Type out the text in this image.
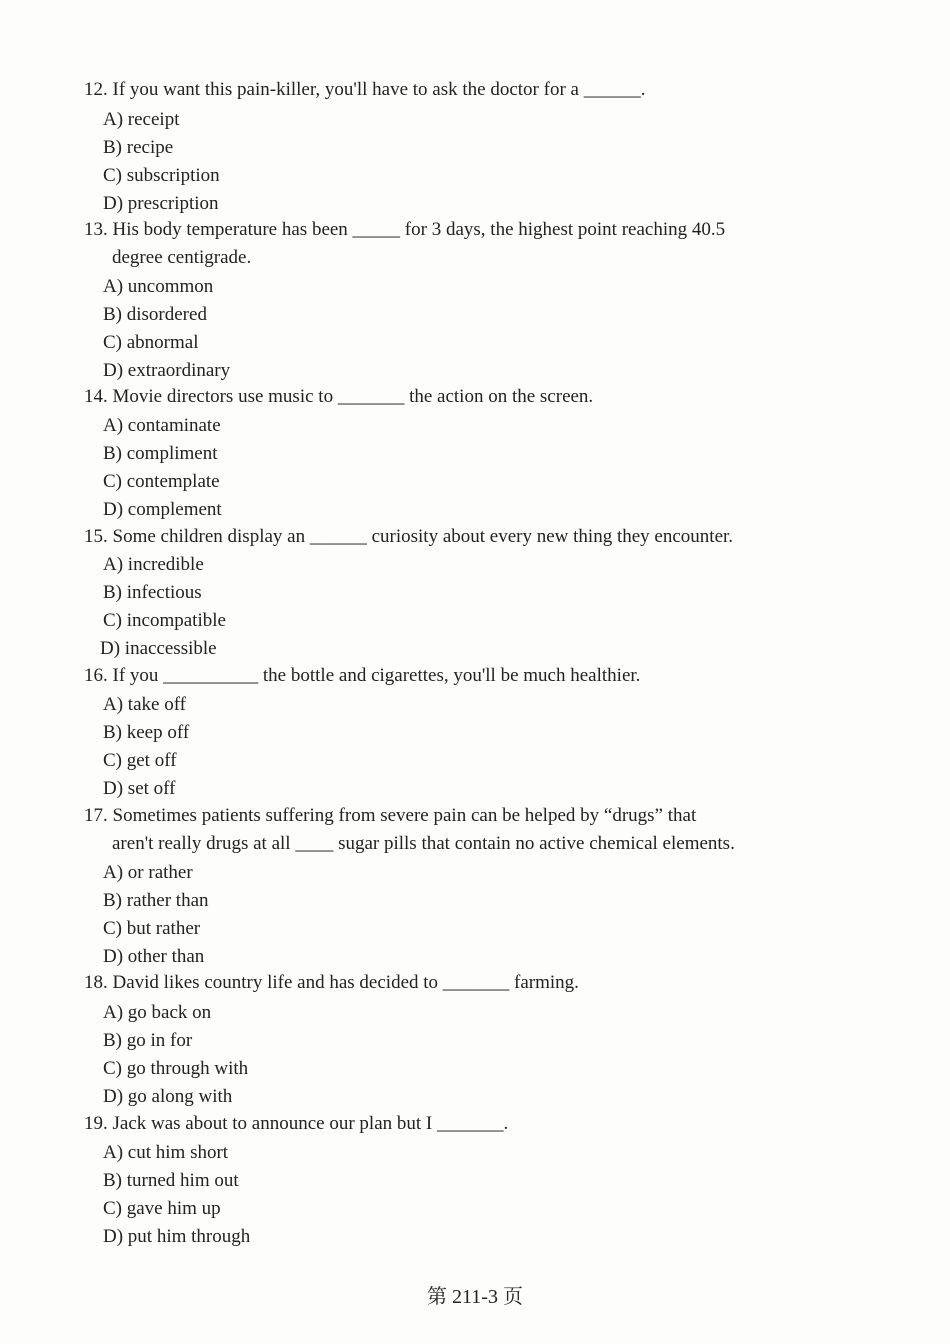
12. If you want this pain-killer, you'll have to ask the doctor for a ______.
A) receipt
B) recipe
C) subscription
D) prescription
13. His body temperature has been _____ for 3 days, the highest point reaching 40.5
degree centigrade.
A) uncommon
B) disordered
C) abnormal
D) extraordinary
14. Movie directors use music to _______ the action on the screen.
A) contaminate
B) compliment
C) contemplate
D) complement
15. Some children display an ______ curiosity about every new thing they encounter.
A) incredible
B) infectious
C) incompatible
D) inaccessible
16. If you __________ the bottle and cigarettes, you'll be much healthier.
A) take off
B) keep off
C) get off
D) set off
17. Sometimes patients suffering from severe pain can be helped by “drugs” that
aren't really drugs at all ____ sugar pills that contain no active chemical elements.
A) or rather
B) rather than
C) but rather
D) other than
18. David likes country life and has decided to _______ farming.
A) go back on
B) go in for
C) go through with
D) go along with
19. Jack was about to announce our plan but I _______.
A) cut him short
B) turned him out
C) gave him up
D) put him through
第 211-3 页
